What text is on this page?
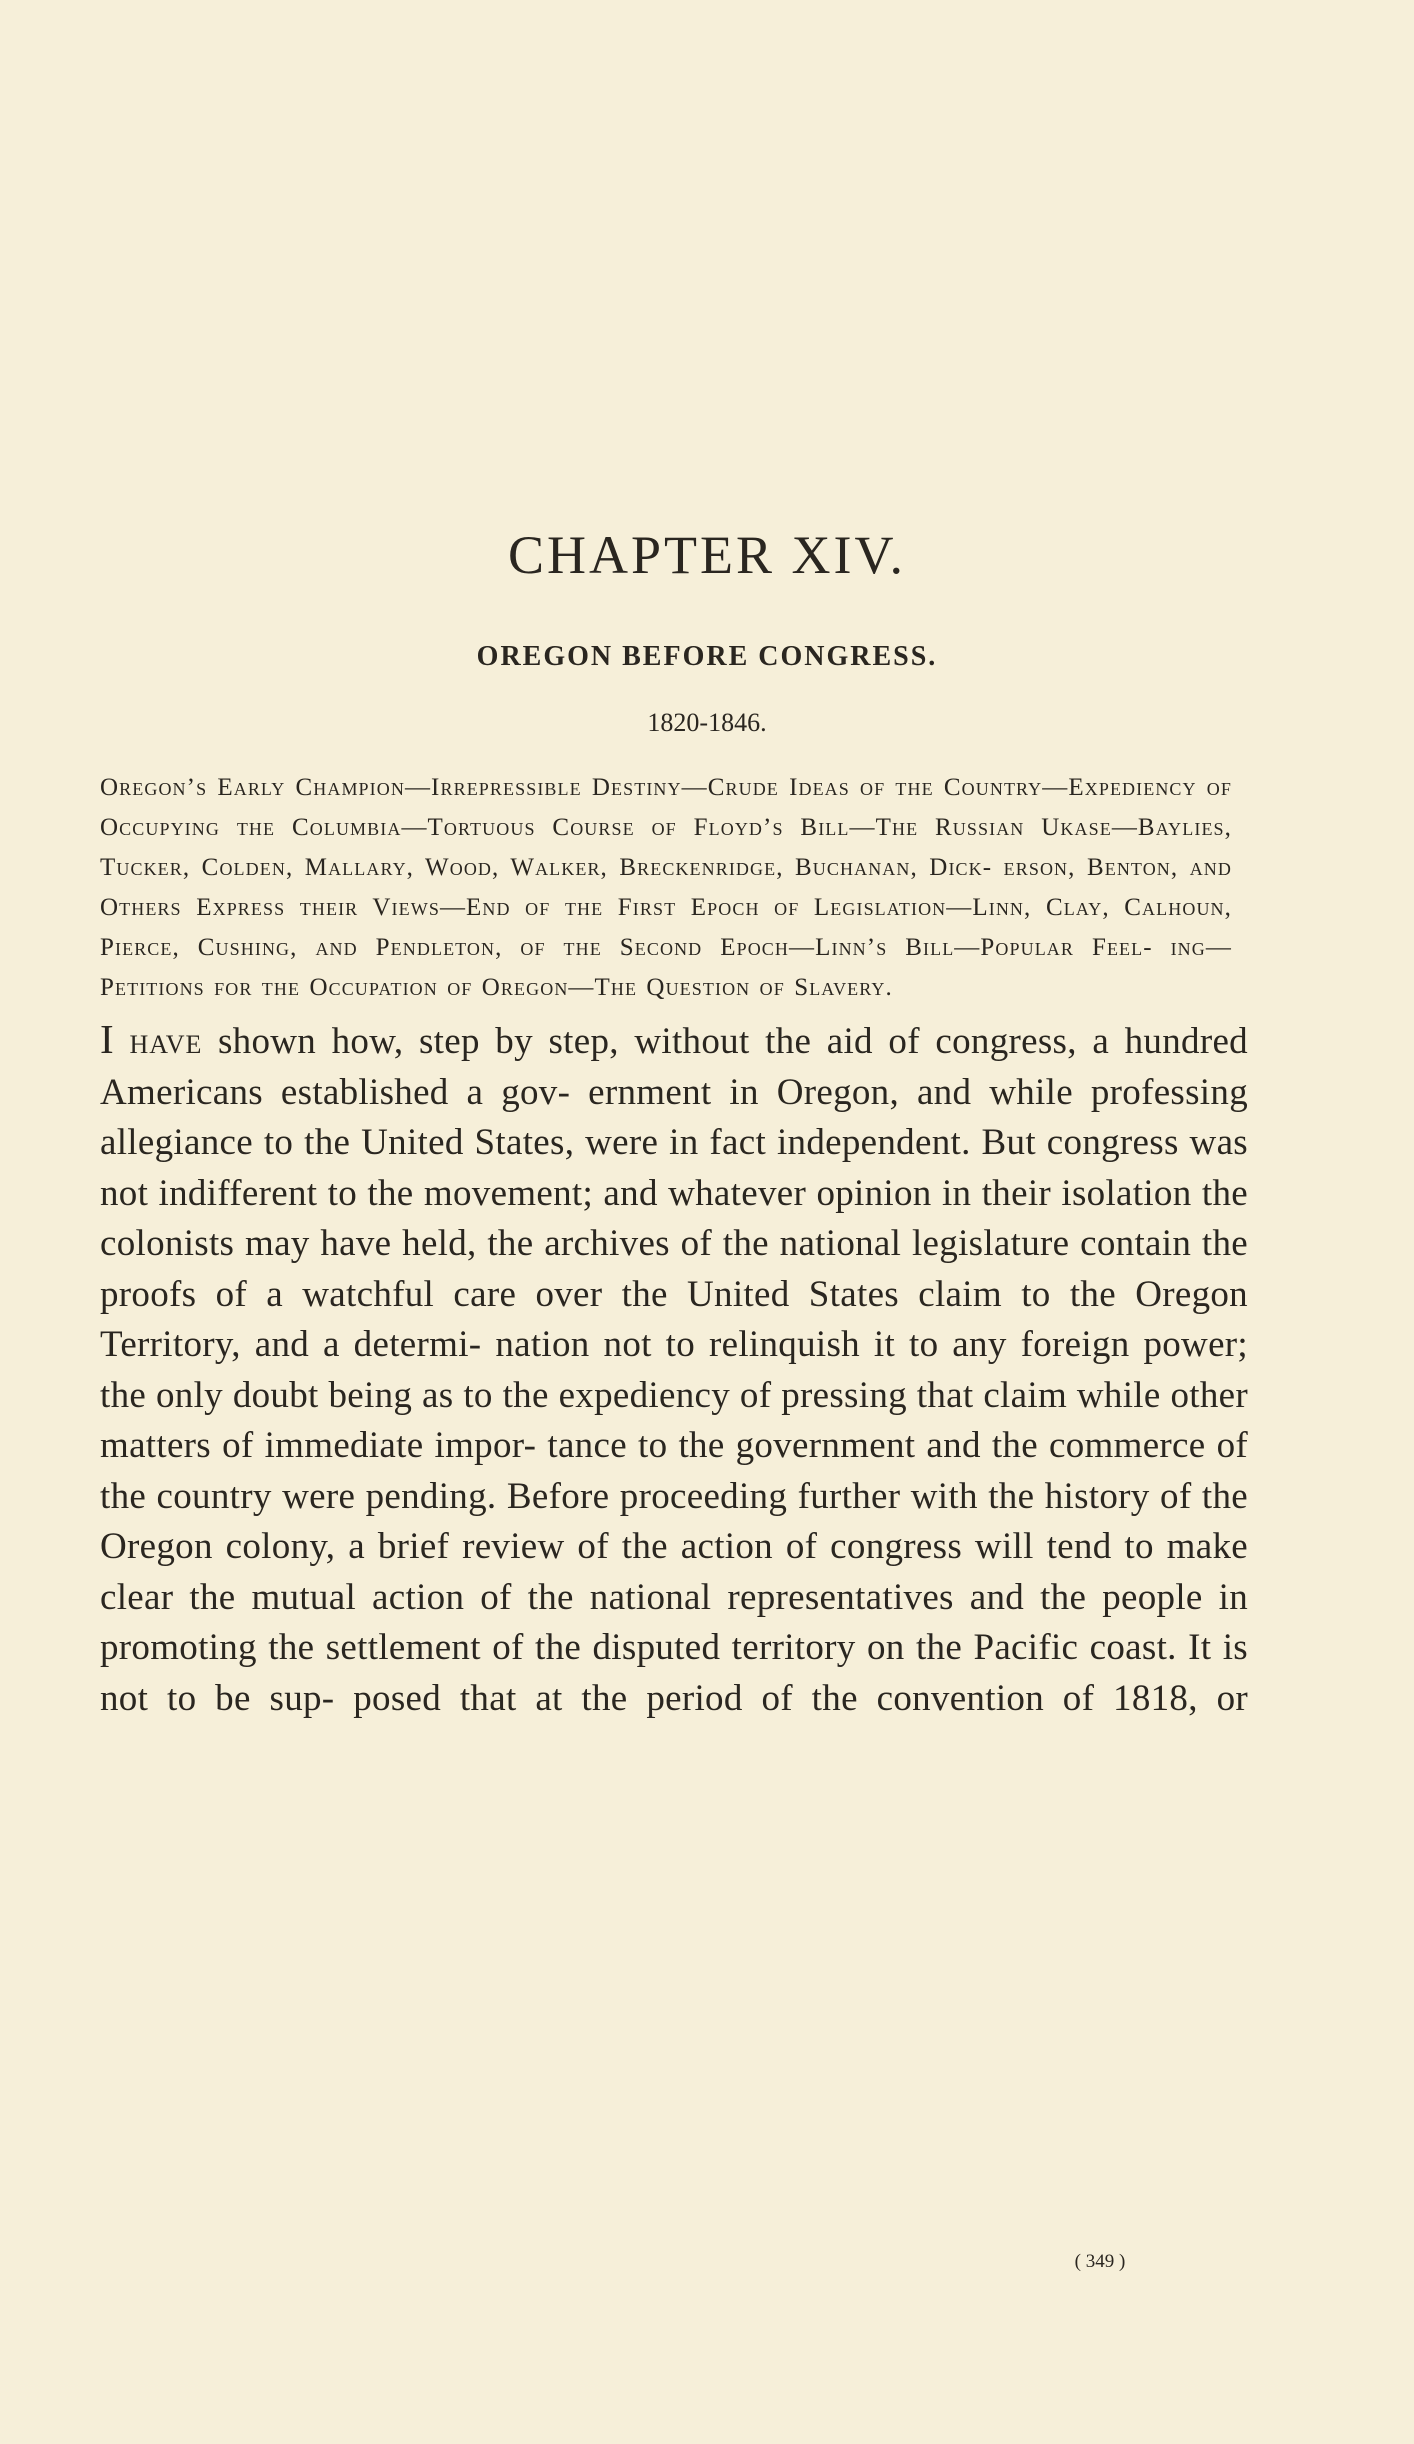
CHAPTER XIV.
OREGON BEFORE CONGRESS.
1820-1846.

Oregon’s Early Champion—Irrepressible Destiny—Crude Ideas of the Country—Expediency of Occupying the Columbia—Tortuous Course of Floyd’s Bill—The Russian Ukase—Baylies, Tucker, Colden, Mallary, Wood, Walker, Breckenridge, Buchanan, Dick- erson, Benton, and Others Express their Views—End of the First Epoch of Legislation—Linn, Clay, Calhoun, Pierce, Cushing, and Pendleton, of the Second Epoch—Linn’s Bill—Popular Feel- ing—Petitions for the Occupation of Oregon—The Question of Slavery.

I have shown how, step by step, without the aid of congress, a hundred Americans established a gov- ernment in Oregon, and while professing allegiance to the United States, were in fact independent. But congress was not indifferent to the movement; and whatever opinion in their isolation the colonists may have held, the archives of the national legislature contain the proofs of a watchful care over the United States claim to the Oregon Territory, and a determi- nation not to relinquish it to any foreign power; the only doubt being as to the expediency of pressing that claim while other matters of immediate impor- tance to the government and the commerce of the country were pending. Before proceeding further with the history of the Oregon colony, a brief review of the action of congress will tend to make clear the mutual action of the national representatives and the people in promoting the settlement of the disputed territory on the Pacific coast. It is not to be sup- posed that at the period of the convention of 1818, or

( 349 )
